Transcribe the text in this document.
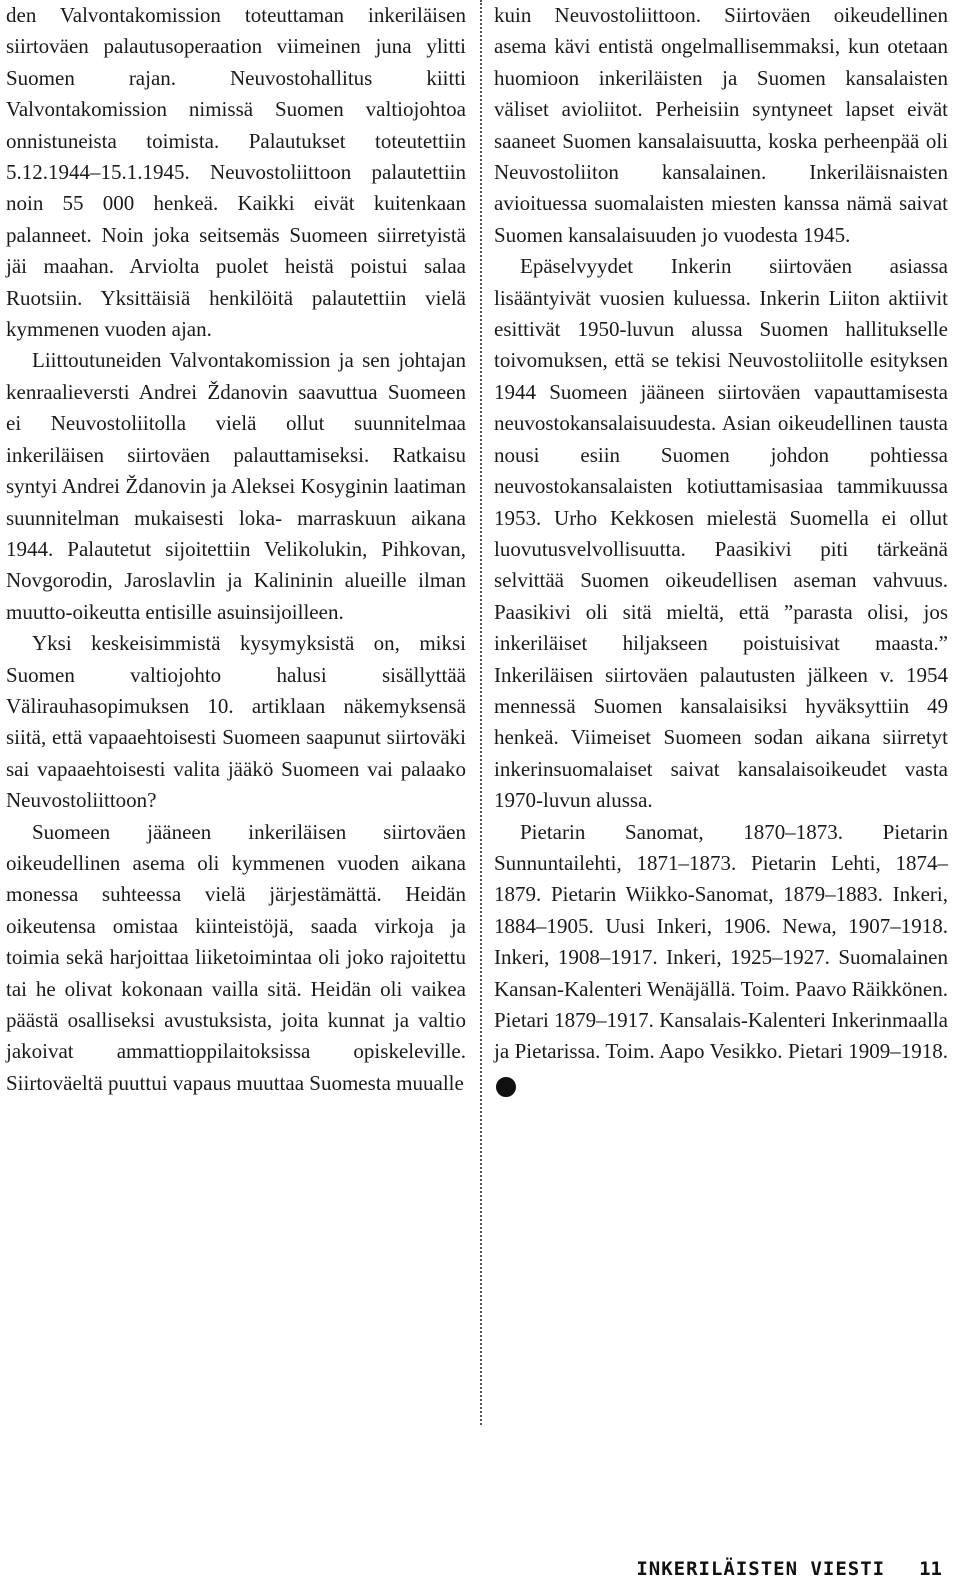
den Valvontakomission toteuttaman inkeriläisen siirtoväen palautusoperaation viimeinen juna ylitti Suomen rajan. Neuvostohallitus kiitti Valvontakomission nimissä Suomen valtiojohtoa onnistuneista toimista. Palautukset toteutettiin 5.12.1944–15.1.1945. Neuvostoliittoon palautettiin noin 55 000 henkeä. Kaikki eivät kuitenkaan palanneet. Noin joka seitsemäs Suomeen siirretyistä jäi maahan. Arviolta puolet heistä poistui salaa Ruotsiin. Yksittäisiä henkilöitä palautettiin vielä kymmenen vuoden ajan.

Liittoutuneiden Valvontakomission ja sen johtajan kenraalieversti Andrei Ždanovin saavuttua Suomeen ei Neuvostoliitolla vielä ollut suunnitelmaa inkeriläisen siirtoväen palauttamiseksi. Ratkaisu syntyi Andrei Ždanovin ja Aleksei Kosyginin laatiman suunnitelman mukaisesti loka- marraskuun aikana 1944. Palautetut sijoitettiin Velikolukin, Pihkovan, Novgorodin, Jaroslavlin ja Kalininin alueille ilman muutto-oikeutta entisille asuinsijoilleen.

Yksi keskeisimmistä kysymyksistä on, miksi Suomen valtiojohto halusi sisällyttää Välirauhasopimuksen 10. artiklaan näkemyksensä siitä, että vapaaehtoisesti Suomeen saapunut siirtoväki sai vapaaehtoisesti valita jääkö Suomeen vai palaako Neuvostoliittoon?

Suomeen jääneen inkeriläisen siirtoväen oikeudellinen asema oli kymmenen vuoden aikana monessa suhteessa vielä järjestämättä. Heidän oikeutensa omistaa kiinteistöjä, saada virkoja ja toimia sekä harjoittaa liiketoimintaa oli joko rajoitettu tai he olivat kokonaan vailla sitä. Heidän oli vaikea päästä osalliseksi avustuksista, joita kunnat ja valtio jakoivat ammattioppilaitoksissa opiskeleville. Siirtoväeltä puuttui vapaus muuttaa Suomesta muualle

kuin Neuvostoliittoon. Siirtoväen oikeudellinen asema kävi entistä ongelmallisemmaksi, kun otetaan huomioon inkeriläisten ja Suomen kansalaisten väliset avioliitot. Perheisiin syntyneet lapset eivät saaneet Suomen kansalaisuutta, koska perheenpää oli Neuvostoliiton kansalainen. Inkeriläisnaisten avioituessa suomalaisten miesten kanssa nämä saivat Suomen kansalaisuuden jo vuodesta 1945.

Epäselvyydet Inkerin siirtoväen asiassa lisääntyivät vuosien kuluessa. Inkerin Liiton aktiivit esittivät 1950-luvun alussa Suomen hallitukselle toivomuksen, että se tekisi Neuvostoliitolle esityksen 1944 Suomeen jääneen siirtoväen vapauttamisesta neuvostokansalaisuudesta. Asian oikeudellinen tausta nousi esiin Suomen johdon pohtiessa neuvostokansalaisten kotiuttamisasiaa tammikuussa 1953. Urho Kekkosen mielestä Suomella ei ollut luovutusvelvollisuutta. Paasikivi piti tärkeänä selvittää Suomen oikeudellisen aseman vahvuus. Paasikivi oli sitä mieltä, että ”parasta olisi, jos inkeriläiset hiljakseen poistuisivat maasta.” Inkeriläisen siirtoväen palautusten jälkeen v. 1954 mennessä Suomen kansalaisiksi hyväksyttiin 49 henkeä. Viimeiset Suomeen sodan aikana siirretyt inkerinsuomalaiset saivat kansalaisoikeudet vasta 1970-luvun alussa.

Pietarin Sanomat, 1870–1873. Pietarin Sunnuntailehti, 1871–1873. Pietarin Lehti, 1874–1879. Pietarin Wiikko-Sanomat, 1879–1883. Inkeri, 1884–1905. Uusi Inkeri, 1906. Newa, 1907–1918. Inkeri, 1908–1917. Inkeri, 1925–1927. Suomalainen Kansan-Kalenteri Wenäjällä. Toim. Paavo Räikkönen. Pietari 1879–1917. Kansalais-Kalenteri Inkerinmaalla ja Pietarissa. Toim. Aapo Vesikko. Pietari 1909–1918.I

INKERILÄISTEN VIESTI 11
